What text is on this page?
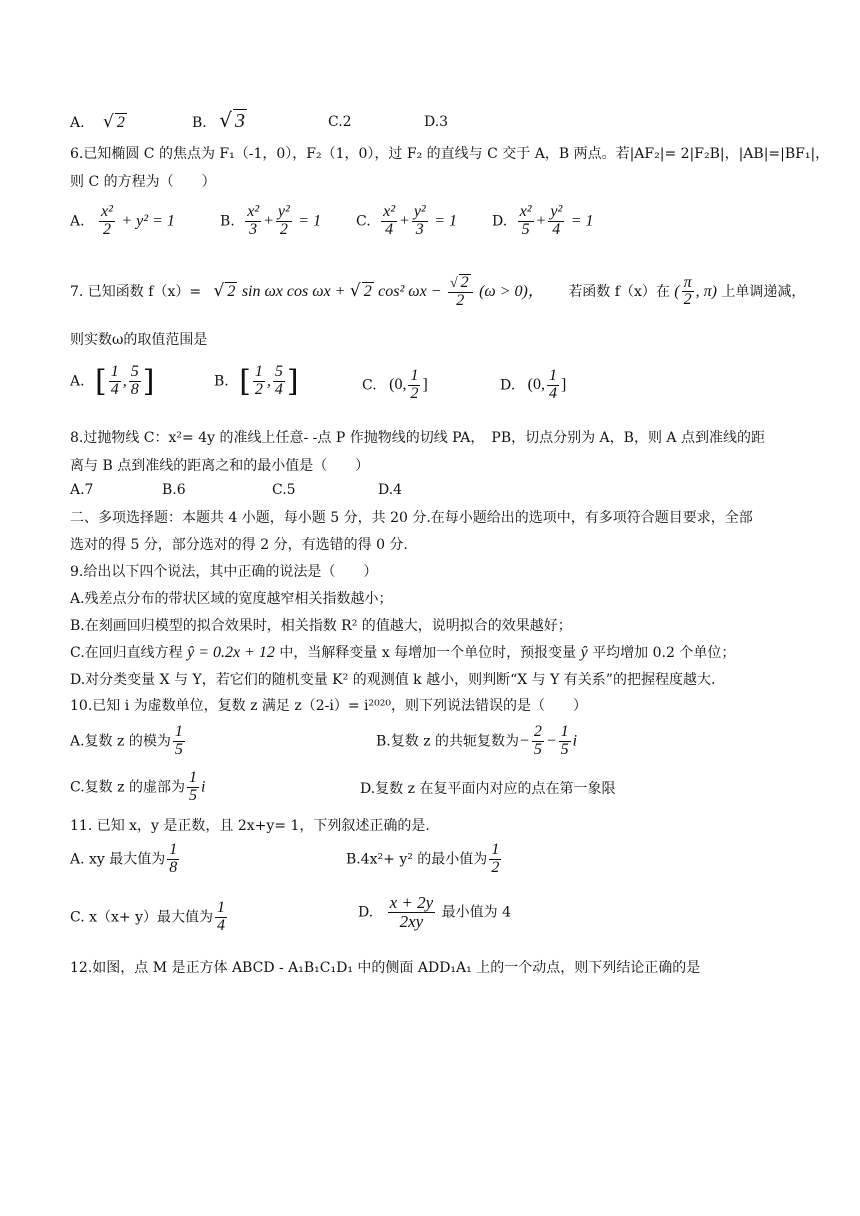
A. √ 2	B. √ 3	C.2	D.3
6.已知椭圆 C 的焦点为 F₁（-1，0），F₂（1，0），过 F₂ 的直线与 C 交于 A，B 两点。若|AF₂|= 2|F₂B|，|AB|=|BF₁|，
则 C 的方程为（　　）
A. $\frac{\text{x²}}{2} + y^2 = 1$	B. $\frac{\text{x²}}{3} + \frac{\text{y²}}{2} = 1$ C. $\frac{\text{x²}}{4} + \frac{\text{y²}}{3} = 1$	D. $\frac{\text{x²}}{5} + \frac{\text{y²}}{4} = 1$
7. 已知函数 f（x）= √ 2 sin ωx cos ωx + √ 2 cos² $\omega x - \frac{√ 2}{2} (\omega > 0)$， 若函数 f（x）在 ( $\frac{\pi}{2}$ , π) 上单调递减，
则实数ω的取值范围是
A. [ $\frac{1}{4}$ , $\frac{5}{8}$ ]	B. [ $\frac{1}{2}$ , $\frac{5}{4}$ ]	C. (0, $\frac{1}{2}$ ]	D. (0, $\frac{1}{4}$ ]
8.过抛物线 C：x²= 4y 的准线上任意- -点 P 作抛物线的切线 PA，　PB，切点分别为 A，B，则 A 点到准线的距
离与 B 点到准线的距离之和的最小值是（　　）
A.7	B.6	C.5	D.4
二、多项选择题：本题共 4 小题，每小题 5 分，共 20 分.在每小题给出的选项中，有多项符合题目要求，全部
选对的得 5 分，部分选对的得 2 分，有选错的得 0 分.
9.给出以下四个说法，其中正确的说法是（　　）
A.残差点分布的带状区域的宽度越窄相关指数越小；
B.在刻画回归模型的拟合效果时，相关指数 R² 的值越大，说明拟合的效果越好；
C.在回归直线方程 ŷ = 0.2x + 12 中，当解释变量 x 每增加一个单位时，预报变量 ŷ 平均增加 0.2 个单位；
D.对分类变量 X 与 Y，若它们的随机变量 K² 的观测值 k 越小，则判断“X 与 Y 有关系”的把握程度越大.
10.已知 i 为虚数单位，复数 z 满足 z（2-i）= i²⁰²⁰，则下列说法错误的是（　　）
A.复数 z 的模为 $\frac{1}{5}$	B.复数 z 的共轭复数为− $\frac{2}{5} - \frac{1}{5}$ i
C.复数 z 的虚部为 $\frac{1}{5}$ i	D.复数 z 在复平面内对应的点在第一象限
11. 已知 x，y 是正数，且 2x+y= 1，下列叙述正确的是.
A. xy 最大值为 $\frac{1}{8}$	B.4x²+ y² 的最小值为 $\frac{1}{2}$
C. x（x+ y）最大值为 $\frac{1}{4}$	D. $\frac{x + 2y}{2xy}$ 最小值为 4
12.如图，点 M 是正方体 ABCD - A₁B₁C₁D₁ 中的侧面 ADD₁A₁ 上的一个动点，则下列结论正确的是
